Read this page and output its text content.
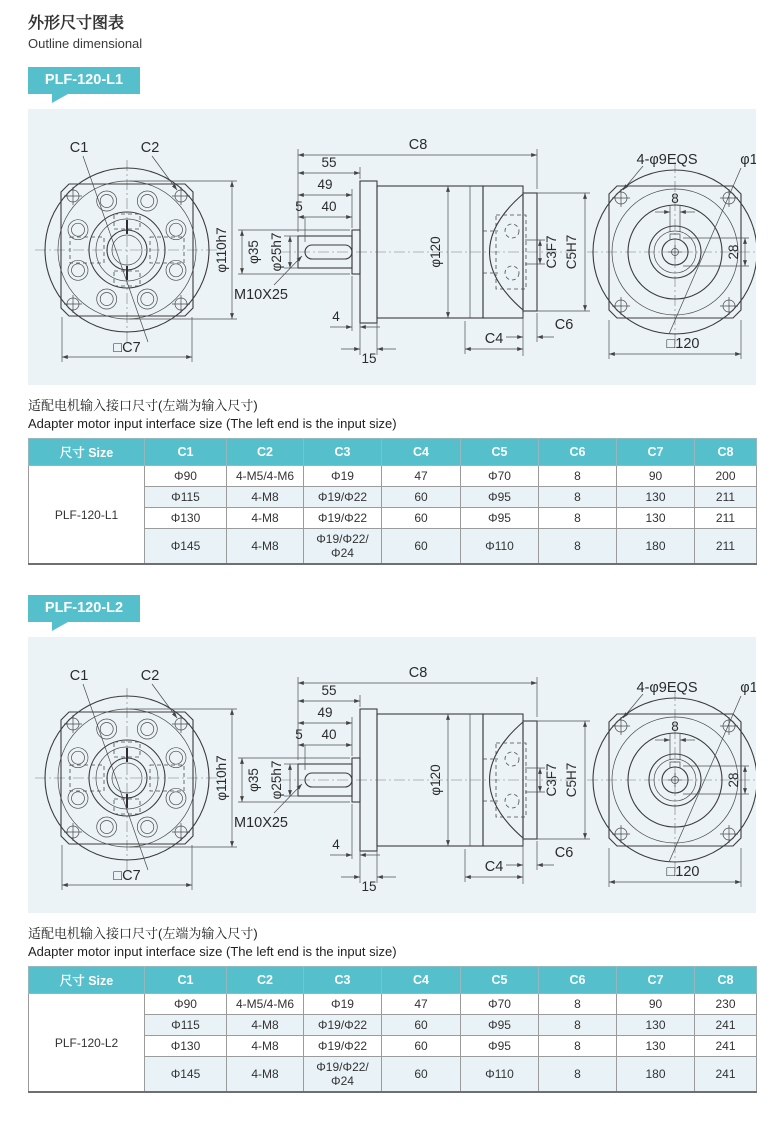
外形尺寸图表
Outline dimensional
PLF-120-L1

适配电机输入接口尺寸(左端为输入尺寸)

Adapter motor input interface size (The left end is the input size)

尺寸 Size	C1	C2	C3	C4	C5	C6	C7	C8
PLF-120-L1	Φ90	4-M5/4-M6	Φ19	47	Φ70	8	90	200
	Φ115	4-M8	Φ19/Φ22	60	Φ95	8	130	211
	Φ130	4-M8	Φ19/Φ22	60	Φ95	8	130	211
	Φ145	4-M8	Φ19/Φ22/Φ24	60	Φ110	8	180	211
PLF-120-L2

适配电机输入接口尺寸(左端为输入尺寸)

Adapter motor input interface size (The left end is the input size)

尺寸 Size	C1	C2	C3	C4	C5	C6	C7	C8
PLF-120-L2	Φ90	4-M5/4-M6	Φ19	47	Φ70	8	90	230
	Φ115	4-M8	Φ19/Φ22	60	Φ95	8	130	241
	Φ130	4-M8	Φ19/Φ22	60	Φ95	8	130	241
	Φ145	4-M8	Φ19/Φ22/Φ24	60	Φ110	8	180	241
